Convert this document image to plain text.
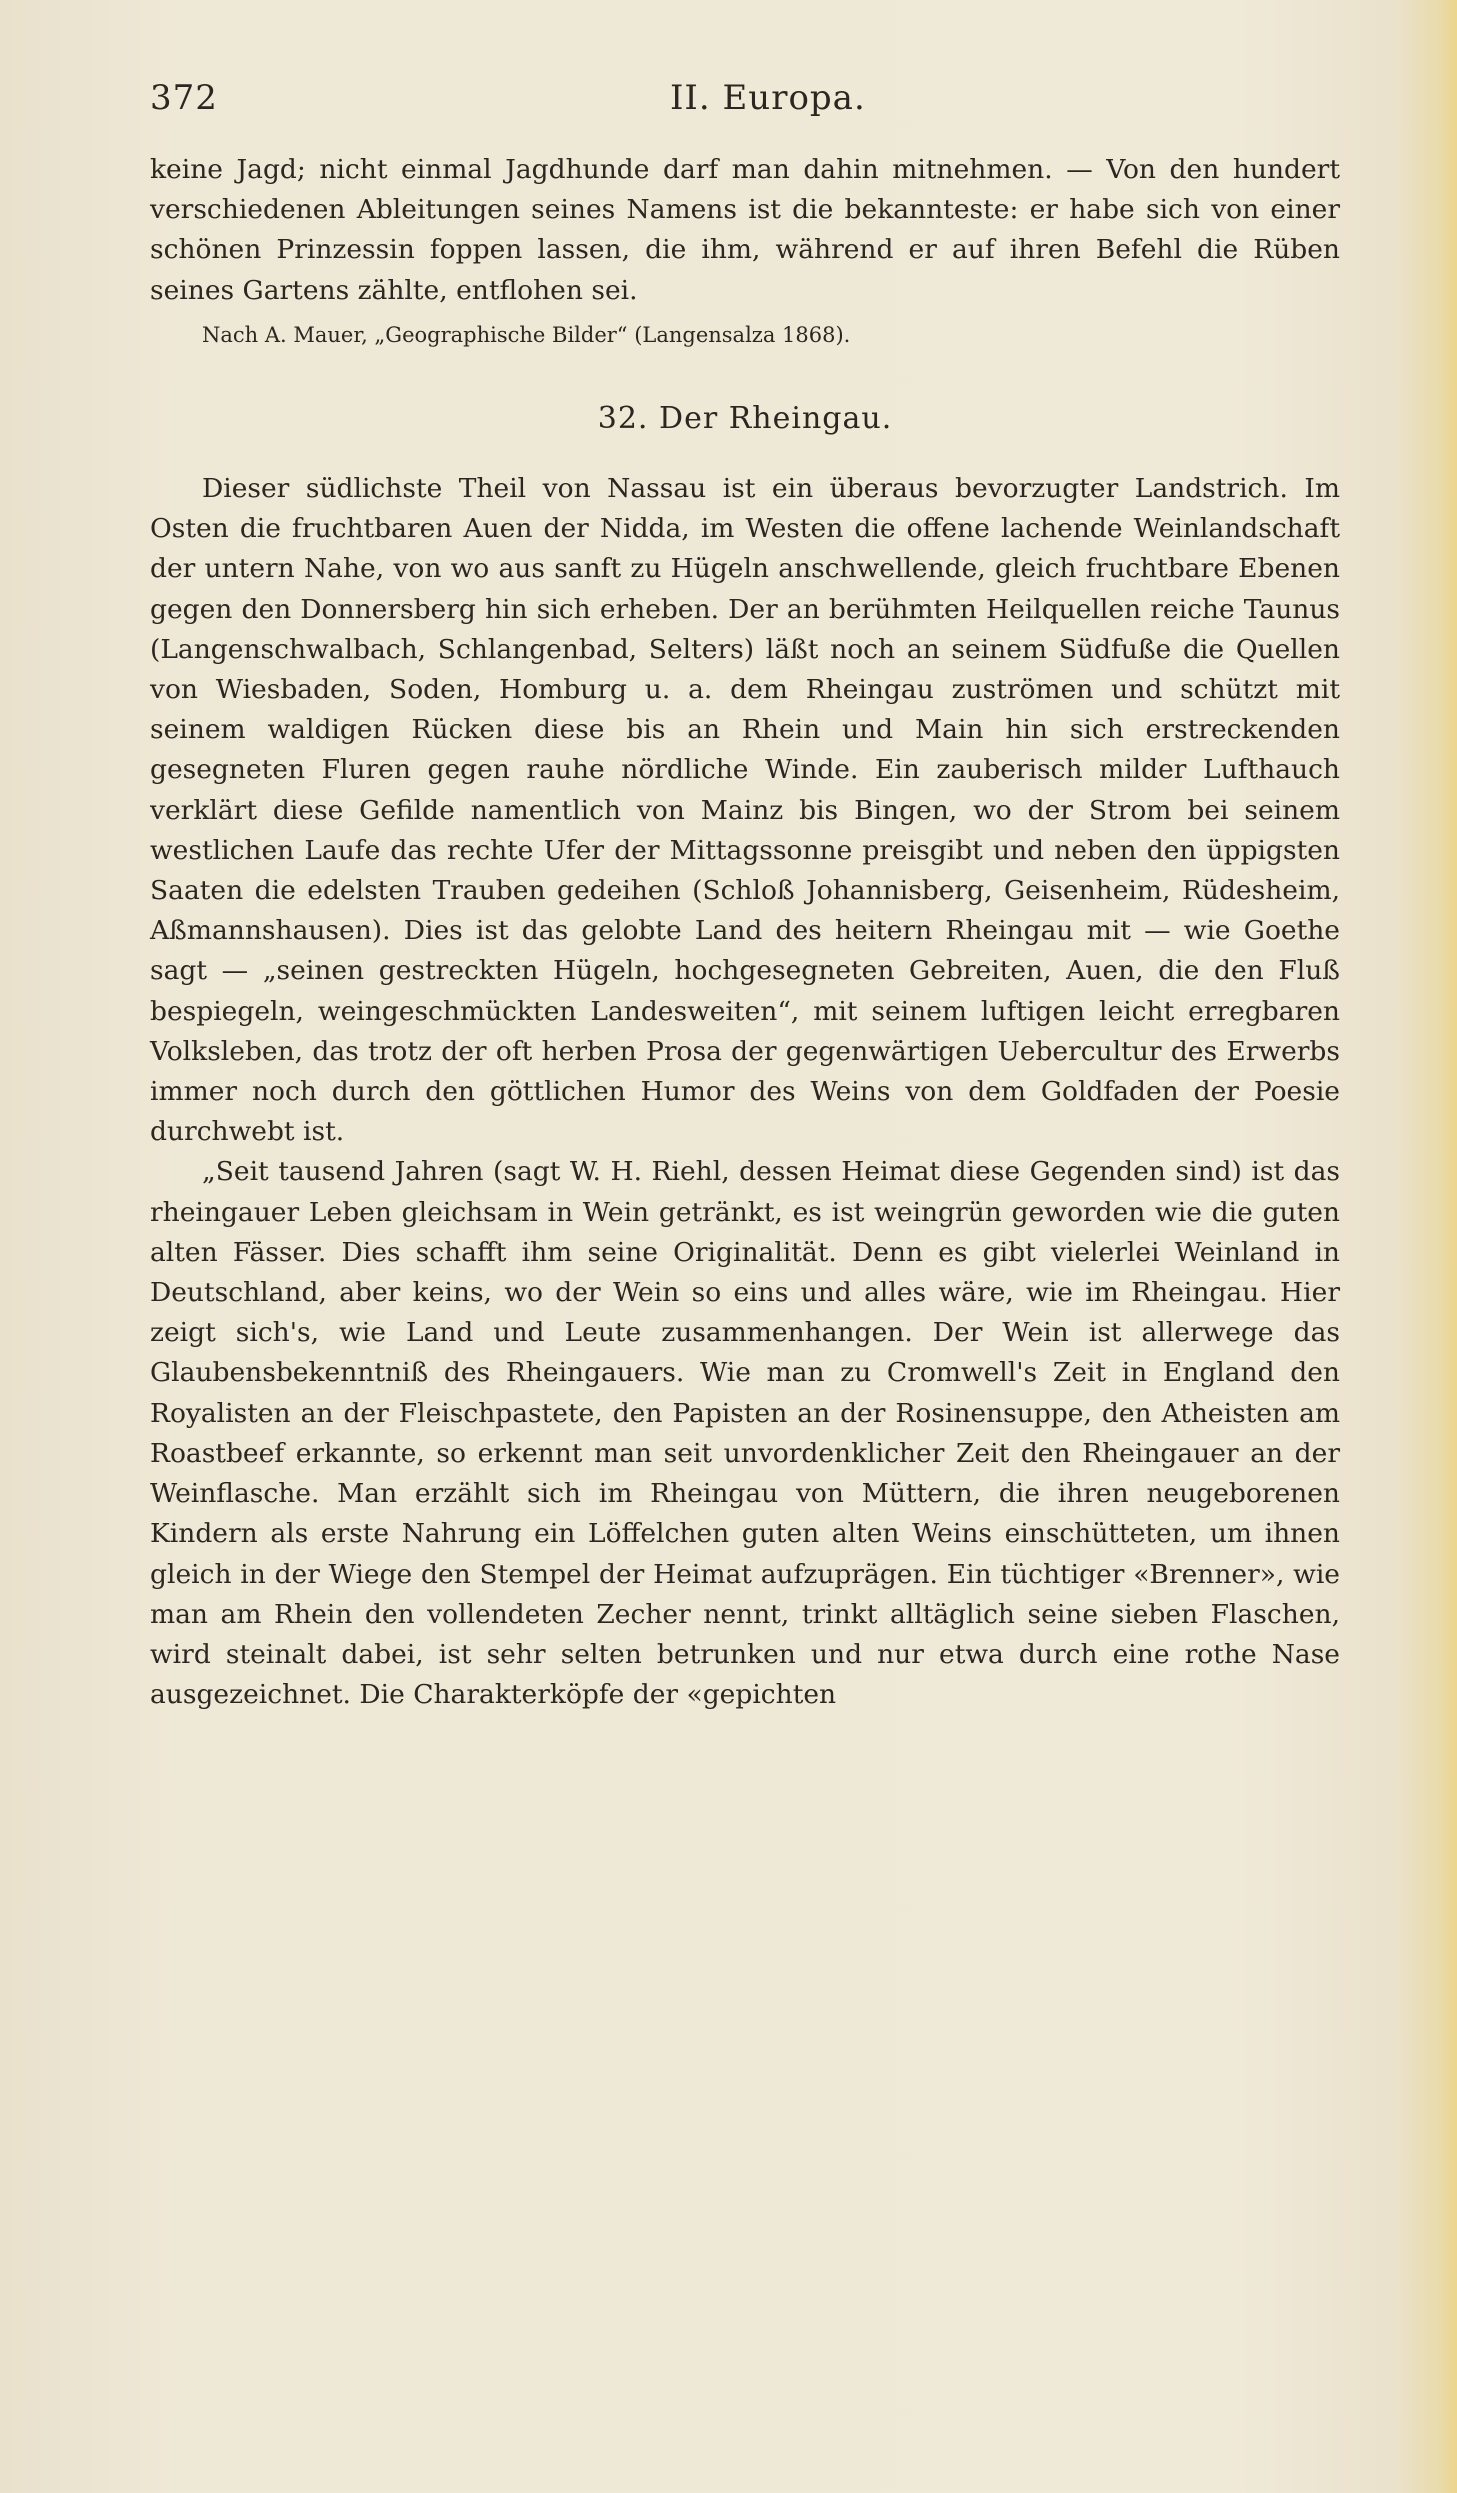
372	II. Europa.

keine Jagd; nicht einmal Jagdhunde darf man dahin mitnehmen. — Von den hundert verschiedenen Ableitungen seines Namens ist die bekannteste: er habe sich von einer schönen Prinzessin foppen lassen, die ihm, während er auf ihren Befehl die Rüben seines Gartens zählte, entflohen sei.

Nach A. Mauer, „Geographische Bilder“ (Langensalza 1868).

32. Der Rheingau.

Dieser südlichste Theil von Nassau ist ein überaus bevorzugter Landstrich. Im Osten die fruchtbaren Auen der Nidda, im Westen die offene lachende Weinlandschaft der untern Nahe, von wo aus sanft zu Hügeln anschwellende, gleich fruchtbare Ebenen gegen den Donnersberg hin sich erheben. Der an berühmten Heilquellen reiche Taunus (Langenschwalbach, Schlangenbad, Selters) läßt noch an seinem Südfuße die Quellen von Wiesbaden, Soden, Homburg u. a. dem Rheingau zuströmen und schützt mit seinem waldigen Rücken diese bis an Rhein und Main hin sich erstreckenden gesegneten Fluren gegen rauhe nördliche Winde. Ein zauberisch milder Lufthauch verklärt diese Gefilde namentlich von Mainz bis Bingen, wo der Strom bei seinem westlichen Laufe das rechte Ufer der Mittagssonne preisgibt und neben den üppigsten Saaten die edelsten Trauben gedeihen (Schloß Johannisberg, Geisenheim, Rüdesheim, Aßmannshausen). Dies ist das gelobte Land des heitern Rheingau mit — wie Goethe sagt — „seinen gestreckten Hügeln, hochgesegneten Gebreiten, Auen, die den Fluß bespiegeln, weingeschmückten Landesweiten“, mit seinem luftigen leicht erregbaren Volksleben, das trotz der oft herben Prosa der gegenwärtigen Uebercultur des Erwerbs immer noch durch den göttlichen Humor des Weins von dem Goldfaden der Poesie durchwebt ist.

„Seit tausend Jahren (sagt W. H. Riehl, dessen Heimat diese Gegenden sind) ist das rheingauer Leben gleichsam in Wein getränkt, es ist weingrün geworden wie die guten alten Fässer. Dies schafft ihm seine Originalität. Denn es gibt vielerlei Weinland in Deutschland, aber keins, wo der Wein so eins und alles wäre, wie im Rheingau. Hier zeigt sich's, wie Land und Leute zusammenhangen. Der Wein ist allerwege das Glaubensbekenntniß des Rheingauers. Wie man zu Cromwell's Zeit in England den Royalisten an der Fleischpastete, den Papisten an der Rosinensuppe, den Atheisten am Roastbeef erkannte, so erkennt man seit unvordenklicher Zeit den Rheingauer an der Weinflasche. Man erzählt sich im Rheingau von Müttern, die ihren neugeborenen Kindern als erste Nahrung ein Löffelchen guten alten Weins einschütteten, um ihnen gleich in der Wiege den Stempel der Heimat aufzuprägen. Ein tüchtiger «Brenner», wie man am Rhein den vollendeten Zecher nennt, trinkt alltäglich seine sieben Flaschen, wird steinalt dabei, ist sehr selten betrunken und nur etwa durch eine rothe Nase ausgezeichnet. Die Charakterköpfe der «gepichten
